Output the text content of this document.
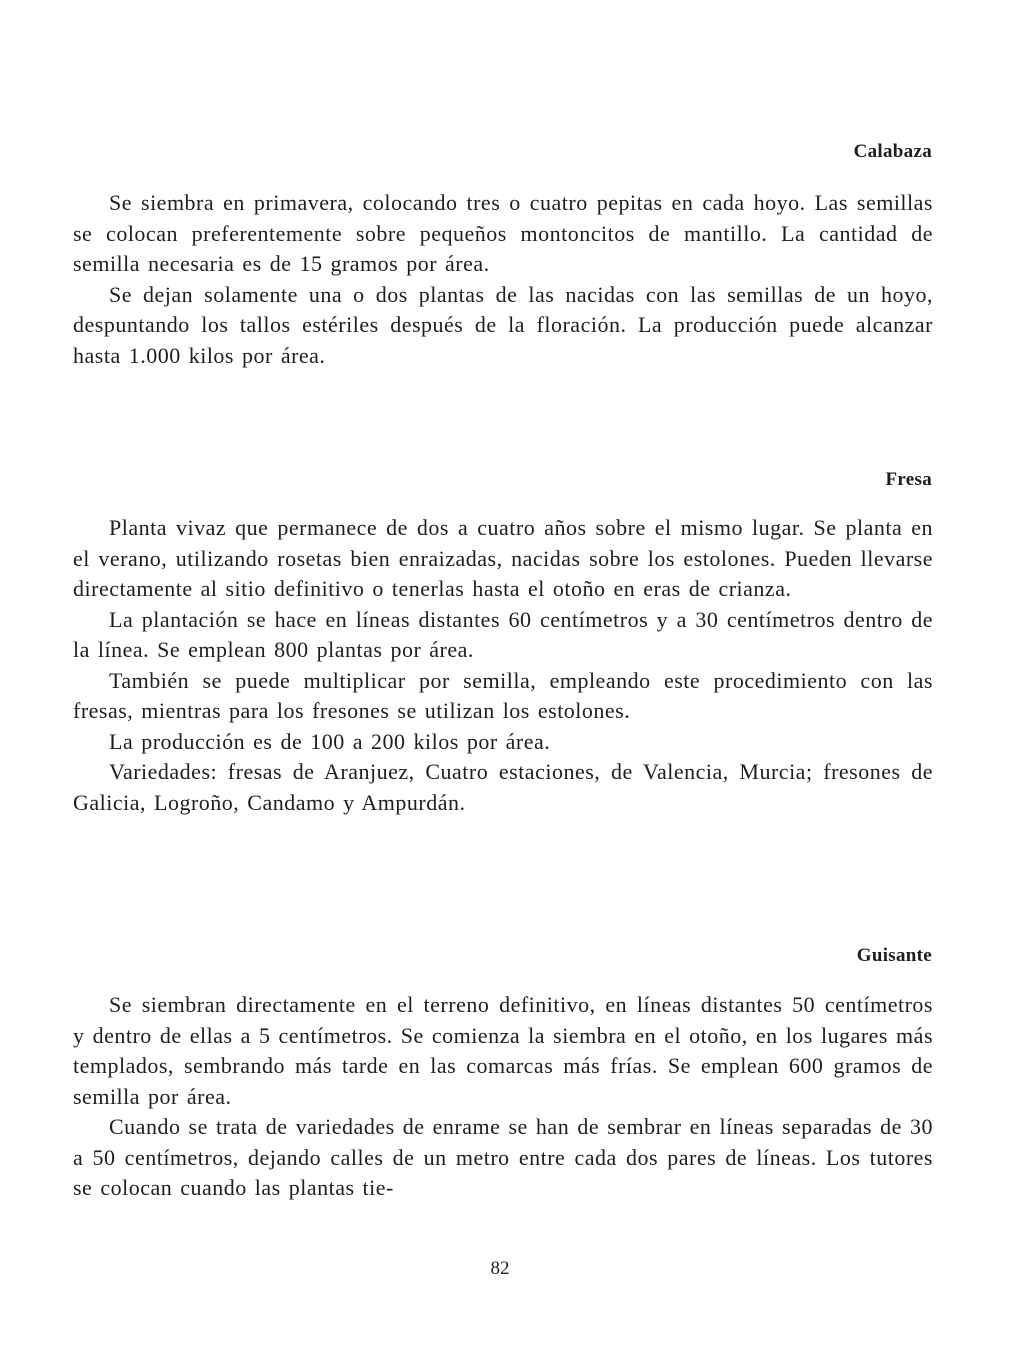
Calabaza

Se siembra en primavera, colocando tres o cuatro pepitas en cada hoyo. Las semillas se colocan preferentemente sobre pequeños montoncitos de mantillo. La cantidad de semilla necesaria es de 15 gramos por área.

Se dejan solamente una o dos plantas de las nacidas con las semillas de un hoyo, despuntando los tallos estériles después de la floración. La producción puede alcanzar hasta 1.000 kilos por área.

Fresa

Planta vivaz que permanece de dos a cuatro años sobre el mismo lugar. Se planta en el verano, utilizando rosetas bien enraizadas, nacidas sobre los estolones. Pueden llevarse directamente al sitio definitivo o tenerlas hasta el otoño en eras de crianza.

La plantación se hace en líneas distantes 60 centímetros y a 30 centímetros dentro de la línea. Se emplean 800 plantas por área.

También se puede multiplicar por semilla, empleando este procedimiento con las fresas, mientras para los fresones se utilizan los estolones.

La producción es de 100 a 200 kilos por área.

Variedades: fresas de Aranjuez, Cuatro estaciones, de Valencia, Murcia; fresones de Galicia, Logroño, Candamo y Ampurdán.

Guisante

Se siembran directamente en el terreno definitivo, en líneas distantes 50 centímetros y dentro de ellas a 5 centímetros. Se comienza la siembra en el otoño, en los lugares más templados, sembrando más tarde en las comarcas más frías. Se emplean 600 gramos de semilla por área.

Cuando se trata de variedades de enrame se han de sembrar en líneas separadas de 30 a 50 centímetros, dejando calles de un metro entre cada dos pares de líneas. Los tutores se colocan cuando las plantas tie-

82
